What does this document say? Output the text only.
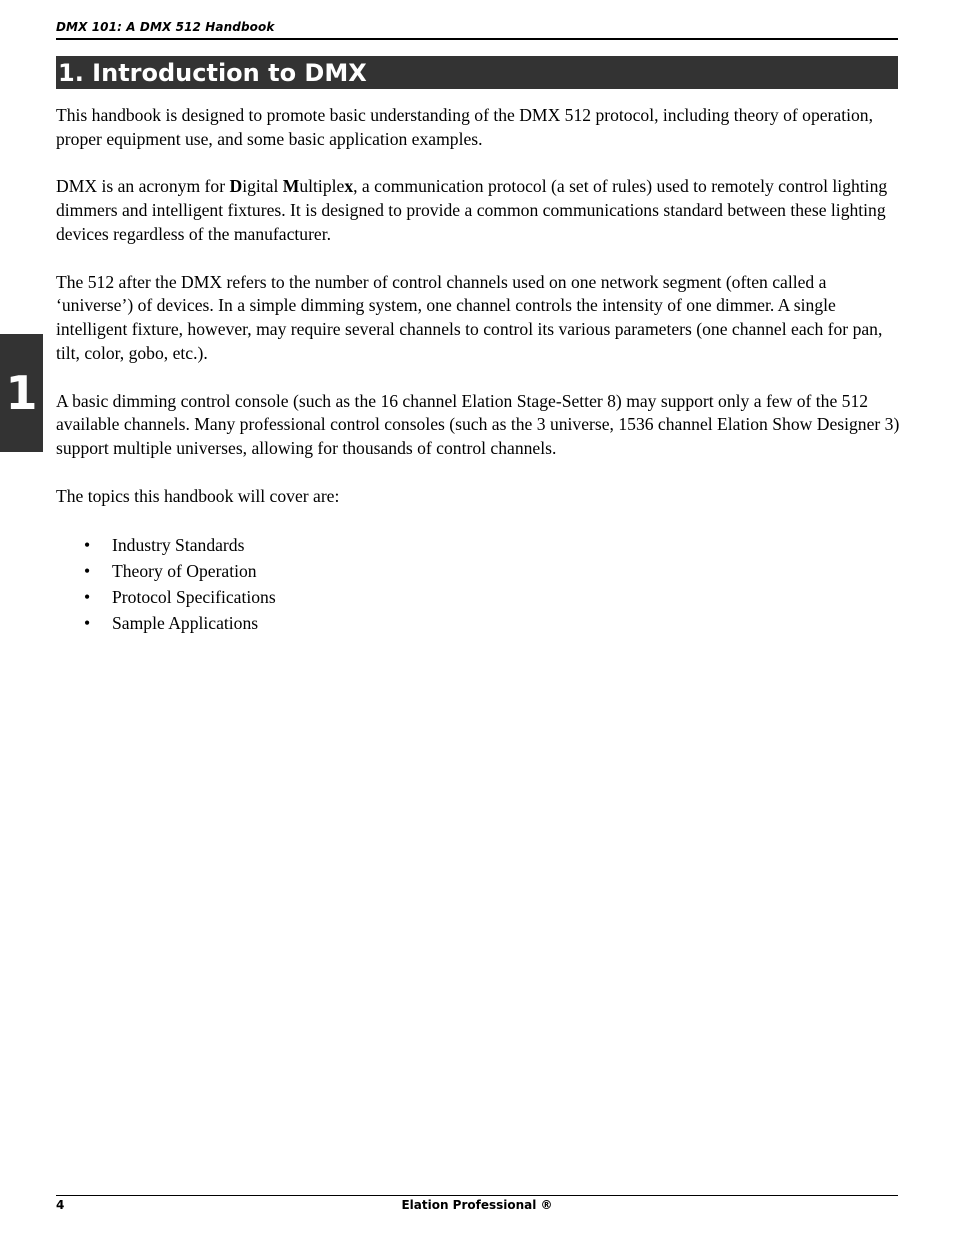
DMX 101: A DMX 512 Handbook
1. Introduction to DMX
1

This handbook is designed to promote basic understanding of the DMX 512 protocol, including theory of operation, proper equipment use, and some basic application examples.

DMX is an acronym for Digital Multiplex, a communication protocol (a set of rules) used to remotely control lighting dimmers and intelligent fixtures. It is designed to provide a common communications standard between these lighting devices regardless of the manufacturer.

The 512 after the DMX refers to the number of control channels used on one network segment (often called a ‘universe’) of devices. In a simple dimming system, one channel controls the intensity of one dimmer. A single intelligent fixture, however, may require several channels to control its various parameters (one channel each for pan, tilt, color, gobo, etc.).

A basic dimming control console (such as the 16 channel Elation Stage-Setter 8) may support only a few of the 512 available channels. Many professional control consoles (such as the 3 universe, 1536 channel Elation Show Designer 3) support multiple universes, allowing for thousands of control channels.

The topics this handbook will cover are:

• Industry Standards
• Theory of Operation
• Protocol Specifications
• Sample Applications
4	Elation Professional ®
